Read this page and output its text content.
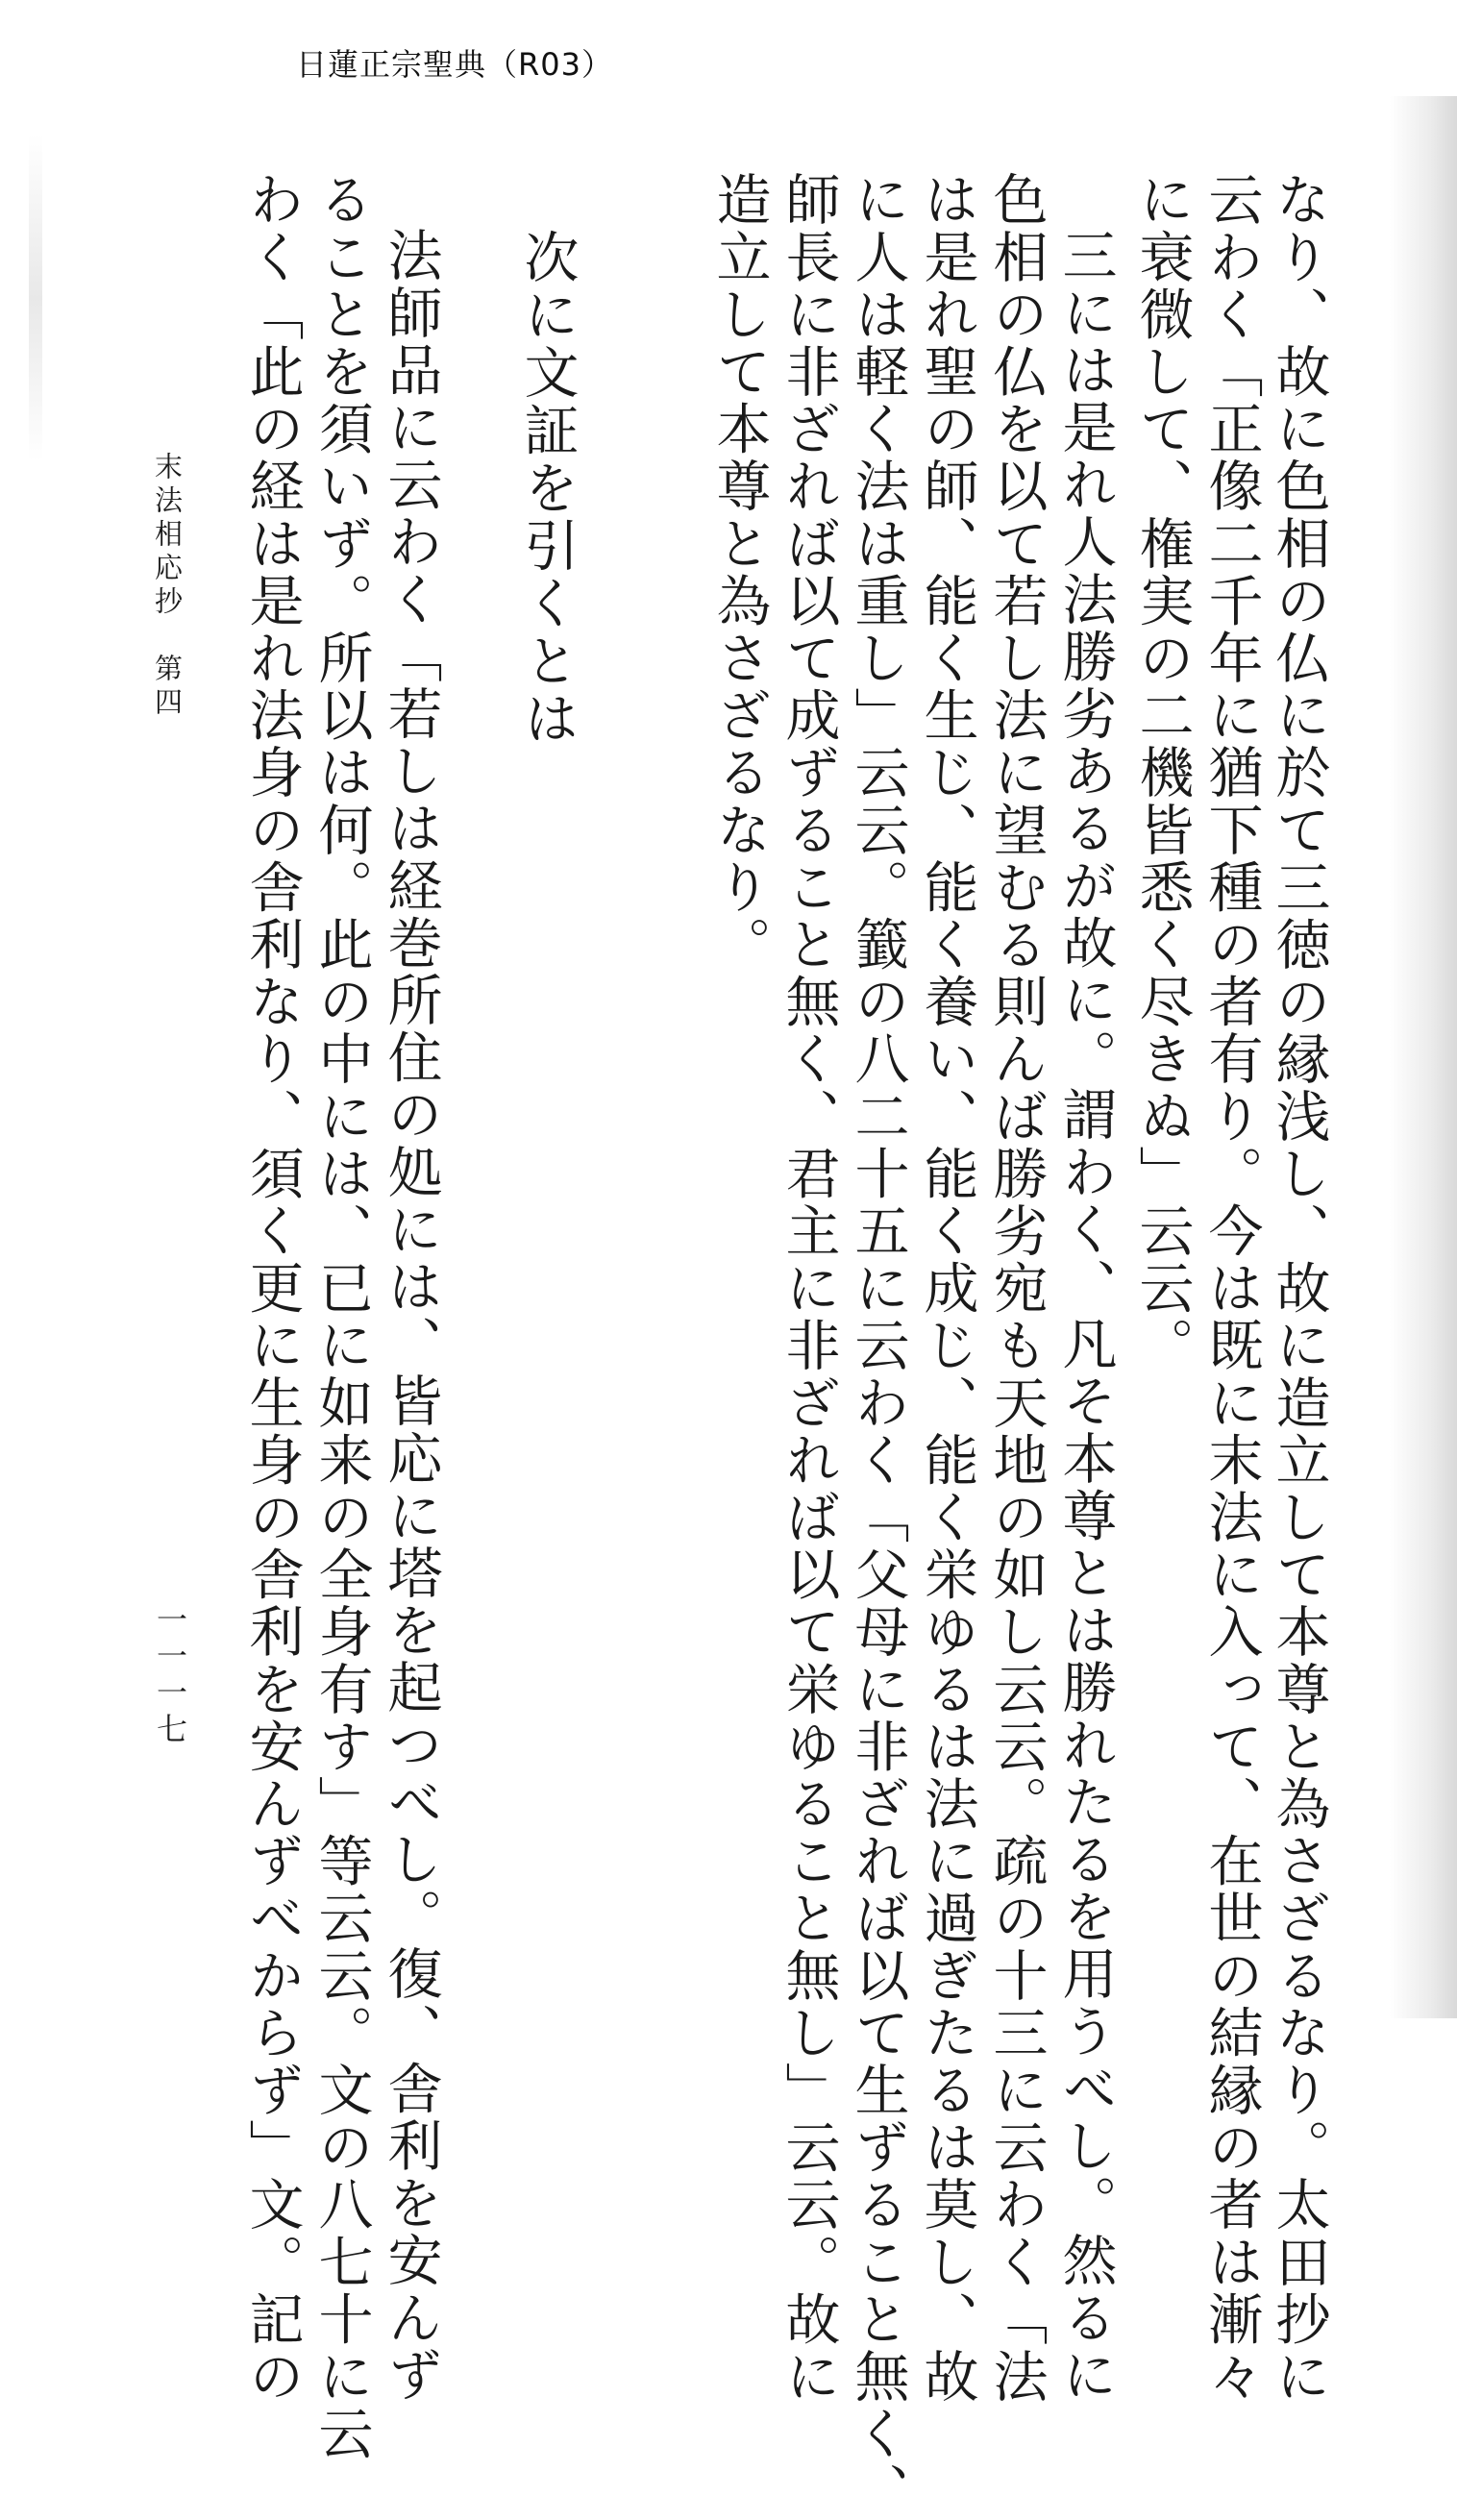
日蓮正宗聖典（R03）
なり、故に色相の仏に於て三徳の縁浅し、故に造立して本尊と為さざるなり。太田抄に
云わく「正像二千年に猶下種の者有り。今は既に末法に入って、在世の結縁の者は漸々
に衰微して、権実の二機皆悉く尽きぬ」云云。
三には是れ人法勝劣あるが故に。謂わく、凡そ本尊とは勝れたるを用うべし。然るに
色相の仏を以て若し法に望むる則んば勝劣宛も天地の如し云云。疏の十三に云わく「法
は是れ聖の師、能く生じ、能く養い、能く成じ、能く栄ゆるは法に過ぎたるは莫し、故
に人は軽く法は重し」云云。籖の八二十五に云わく「父母に非ざれば以て生ずること無く、
師長に非ざれば以て成ずること無く、君主に非ざれば以て栄ゆること無し」云云。故に
造立して本尊と為さざるなり。
次に文証を引くとは
法師品に云わく「若しは経巻所住の処には、皆応に塔を起つべし。復、舎利を安んず
ることを須いず。所以は何。此の中には、已に如来の全身有す」等云云。文の八七十に云
わく「此の経は是れ法身の舎利なり、須く更に生身の舎利を安んずべからず」文。記の
末法相応抄　第四
一一一七
